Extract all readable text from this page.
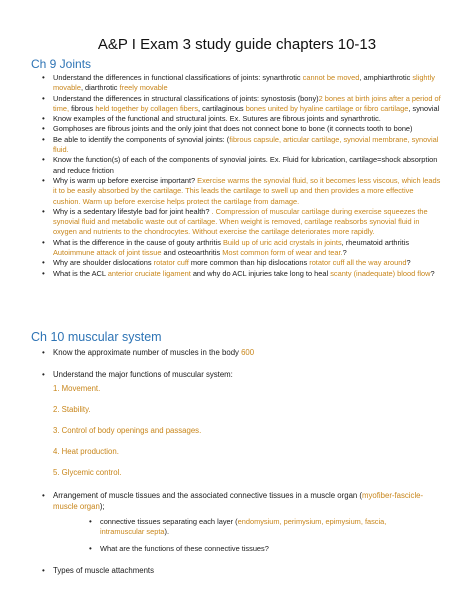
A&P I Exam 3 study guide chapters 10-13
Ch 9 Joints
• Understand the differences in functional classifications of joints: synarthrotic cannot be moved, amphiarthrotic slightly movable, diarthrotic freely movable
• Understand the differences in structural classifications of joints: synostosis (bony)2 bones at birth joins after a period of time, fibrous held together by collagen fibers, cartilaginous bones united by hyaline cartilage or fibro cartilage, synovial
• Know examples of the functional and structural joints. Ex. Sutures are fibrous joints and synarthrotic.
• Gomphoses are fibrous joints and the only joint that does not connect bone to bone (it connects tooth to bone)
• Be able to identify the components of synovial joints: (fibrous capsule, articular cartilage, synovial membrane, synovial fluid.
• Know the function(s) of each of the components of synovial joints. Ex. Fluid for lubrication, cartilage=shock absorption and reduce friction
• Why is warm up before exercise important? Exercise warms the synovial fluid, so it becomes less viscous, which leads it to be easily absorbed by the cartilage. This leads the cartilage to swell up and then provides a more effective cushion. Warm up before exercise helps protect the cartilage from damage.
• Why is a sedentary lifestyle bad for joint health? . Compression of muscular cartilage during exercise squeezes the synovial fluid and metabolic waste out of cartilage. When weight is removed, cartilage reabsorbs synovial fluid in oxygen and nutrients to the chondrocytes. Without exercise the cartilage deteriorates more rapidly.
• What is the difference in the cause of gouty arthritis Build up of uric acid crystals in joints, rheumatoid arthritis Autoimmune attack of joint tissue and osteoarthritis Most common form of wear and tear.?
• Why are shoulder dislocations rotator cuff more common than hip dislocations rotator cuff all the way around?
• What is the ACL anterior cruciate ligament and why do ACL injuries take long to heal scanty (inadequate) blood flow?
Ch 10 muscular system
• Know the approximate number of muscles in the body 600
• Understand the major functions of muscular system:
1. Movement.
2. Stability.
3. Control of body openings and passages.
4. Heat production.
5. Glycemic control.
• Arrangement of muscle tissues and the associated connective tissues in a muscle organ (myofiber-fascicle-muscle organ);
• connective tissues separating each layer (endomysium, perimysium, epimysium, fascia, intramuscular septa).
• What are the functions of these connective tissues?
• Types of muscle attachments
